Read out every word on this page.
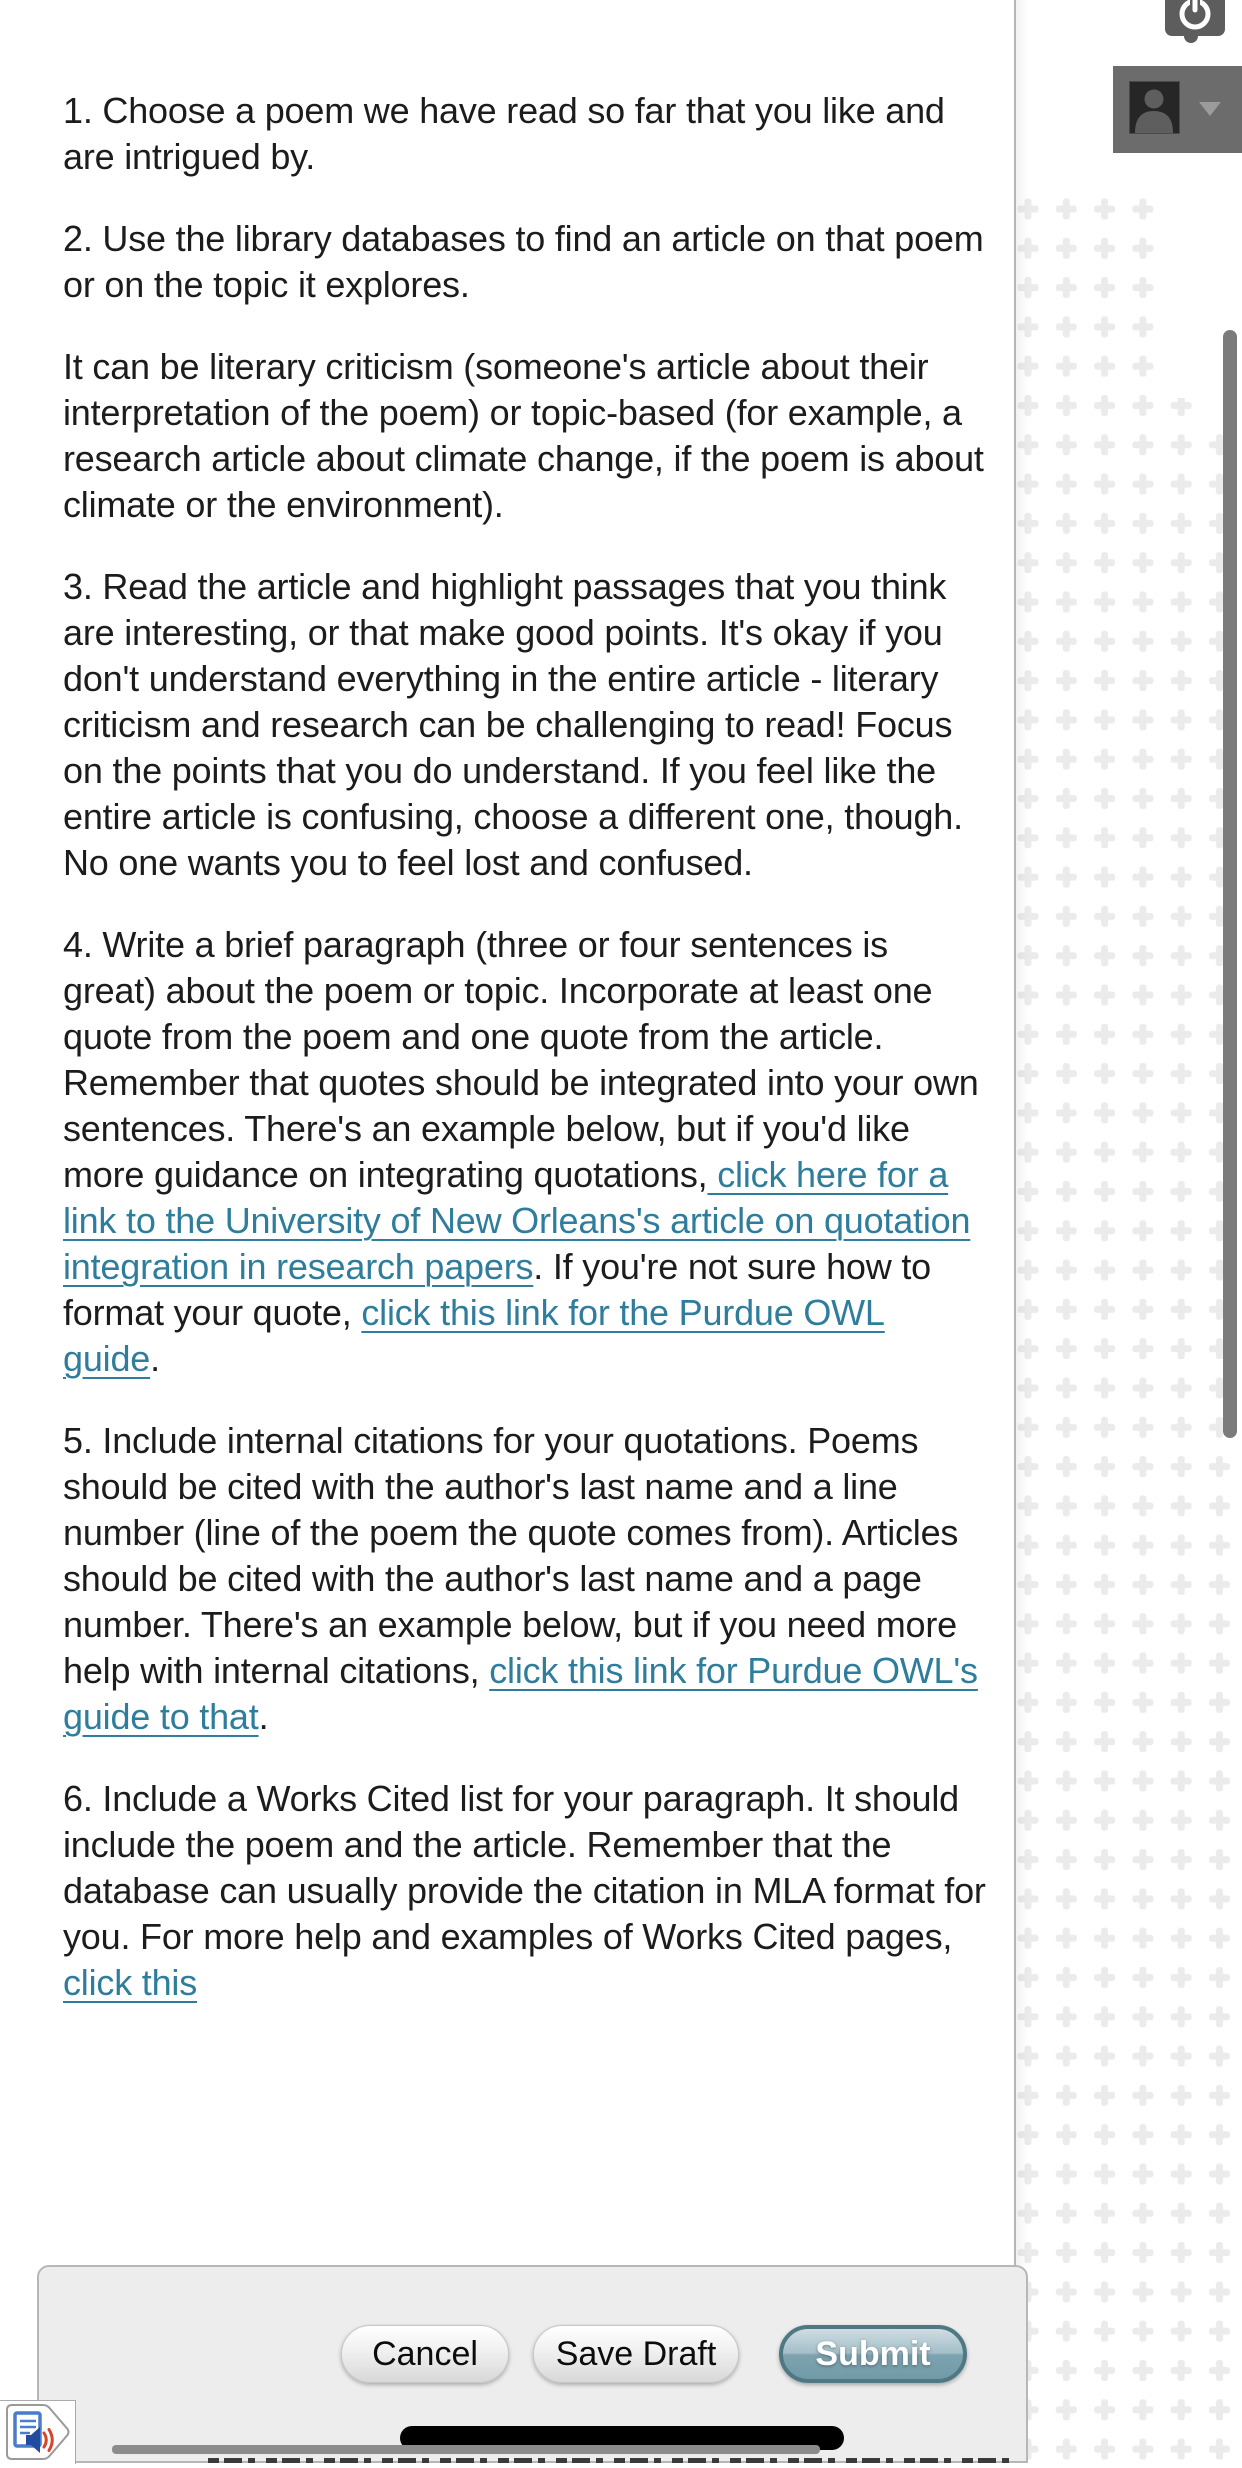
1. Choose a poem we have read so far that you like and are intrigued by.

2. Use the library databases to find an article on that poem or on the topic it explores.

It can be literary criticism (someone's article about their interpretation of the poem) or topic-based (for example, a research article about climate change, if the poem is about climate or the environment).

3. Read the article and highlight passages that you think are interesting, or that make good points. It's okay if you don't understand everything in the entire article - literary criticism and research can be challenging to read! Focus on the points that you do understand. If you feel like the entire article is confusing, choose a different one, though. No one wants you to feel lost and confused.

4. Write a brief paragraph (three or four sentences is great) about the poem or topic. Incorporate at least one quote from the poem and one quote from the article. Remember that quotes should be integrated into your own sentences. There's an example below, but if you'd like more guidance on integrating quotations, click here for a link to the University of New Orleans's article on quotation integration in research papers. If you're not sure how to format your quote, click this link for the Purdue OWL guide.

5. Include internal citations for your quotations. Poems should be cited with the author's last name and a line number (line of the poem the quote comes from). Articles should be cited with the author's last name and a page number. There's an example below, but if you need more help with internal citations, click this link for Purdue OWL's guide to that.

6. Include a Works Cited list for your paragraph. It should include the poem and the article. Remember that the database can usually provide the citation in MLA format for you. For more help and examples of Works Cited pages, click this

Cancel	Save Draft	Submit
